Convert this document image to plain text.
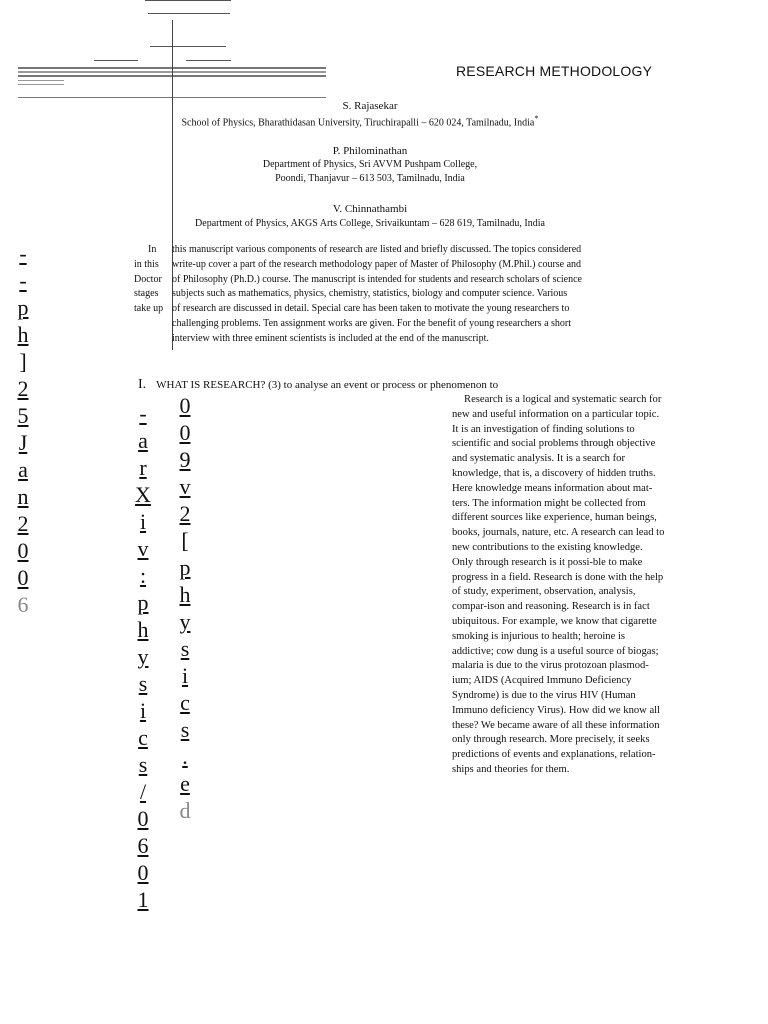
RESEARCH METHODOLOGY
S. Rajasekar
School of Physics, Bharathidasan University, Tiruchirapalli – 620 024, Tamilnadu, India*
P. Philominathan
Department of Physics, Sri AVVM Pushpam College,
Poondi, Thanjavur – 613 503, Tamilnadu, India
V. Chinnathambi
Department of Physics, AKGS Arts College, Srivaikuntam – 628 619, Tamilnadu, India
In
in this
Doctor
stages
take up
this manuscript various components of research are listed and briefly discussed. The topics considered
write-up cover a part of the research methodology paper of Master of Philosophy (M.Phil.) course and
of Philosophy (Ph.D.) course. The manuscript is intended for students and research scholars of science
subjects such as mathematics, physics, chemistry, statistics, biology and computer science. Various
of research are discussed in detail. Special care has been taken to motivate the young researchers to
challenging problems. Ten assignment works are given. For the benefit of young researchers a short
interview with three eminent scientists is included at the end of the manuscript.
I. WHAT IS RESEARCH? (3) to analyse an event or process or phenomenon to
Research is a logical and systematic search for
new and useful information on a particular topic.
It is an investigation of finding solutions to
scientific and social problems through objective
and systematic analysis. It is a search for
knowledge, that is, a discovery of hidden truths.
Here knowledge means information about mat-
ters. The information might be collected from
different sources like experience, human beings,
books, journals, nature, etc. A research can lead to
new contributions to the existing knowledge.
Only through research is it possi-ble to make
progress in a field. Research is done with the help
of study, experiment, observation, analysis,
compar-ison and reasoning. Research is in fact
ubiquitous. For example, we know that cigarette
smoking is injurious to health; heroine is
addictive; cow dung is a useful source of biogas;
malaria is due to the virus protozoan plasmod-
ium; AIDS (Acquired Immuno Deficiency
Syndrome) is due to the virus HIV (Human
Immuno deficiency Virus). How did we know all
these? We became aware of all these information
only through research. More precisely, it seeks
predictions of events and explanations, relation-
ships and theories for them.
-
-
p
h
]
2
5
J
a
n
2
0
0
6
-
a
r
X
i
v
:
p
h
y
s
i
c
s
/
0
6
0
1
0
0
9
v
2
[
p
h
y
s
i
c
s
.
e
d
